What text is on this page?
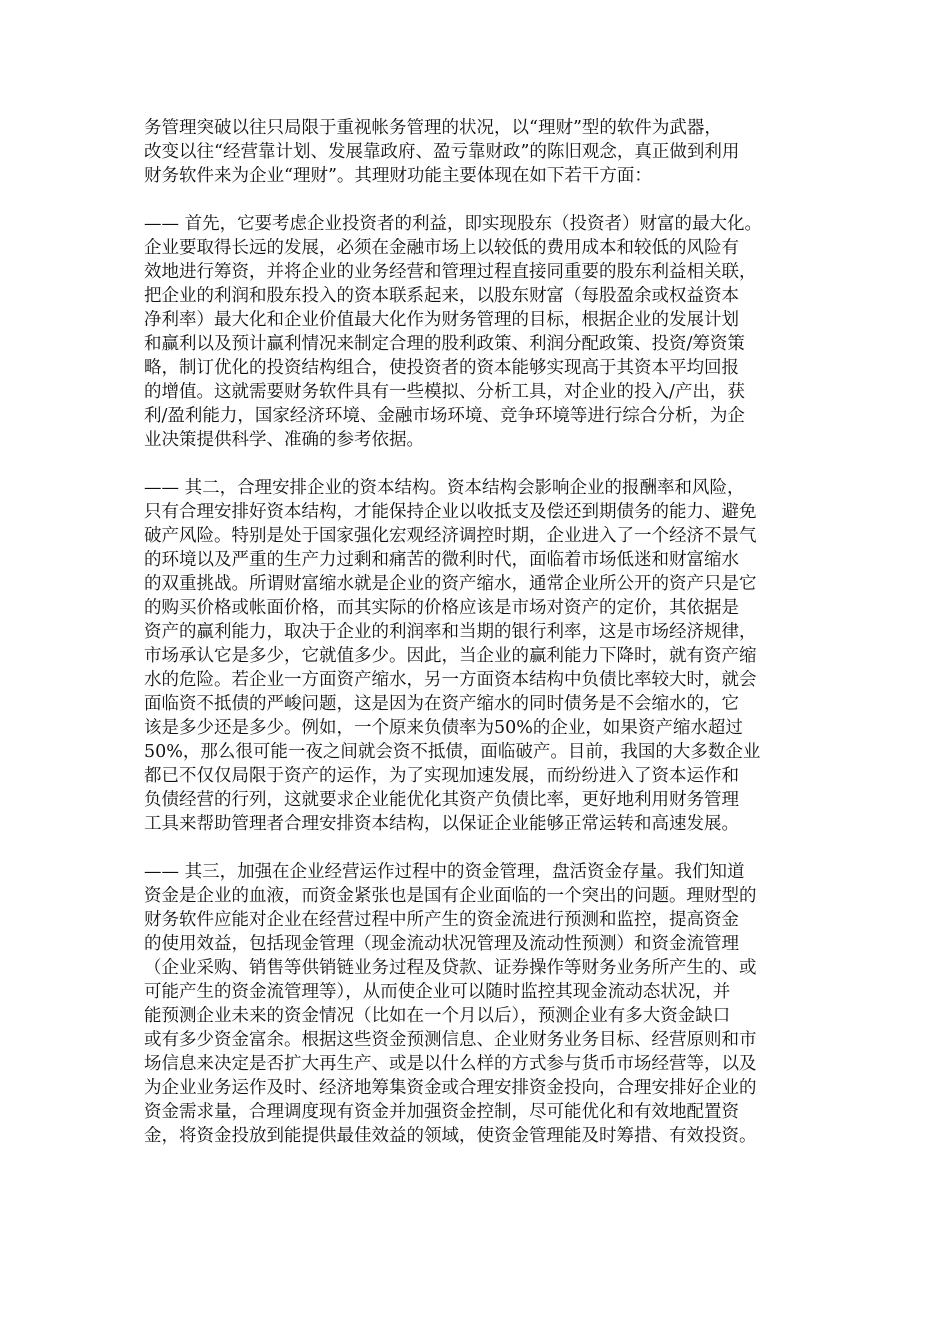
务管理突破以往只局限于重视帐务管理的状况，以“理财”型的软件为武器，
改变以往“经营靠计划、发展靠政府、盈亏靠财政”的陈旧观念，真正做到利用
财务软件来为企业“理财”。其理财功能主要体现在如下若干方面：
—— 首先，它要考虑企业投资者的利益，即实现股东（投资者）财富的最大化。
企业要取得长远的发展，必须在金融市场上以较低的费用成本和较低的风险有
效地进行筹资，并将企业的业务经营和管理过程直接同重要的股东利益相关联，
把企业的利润和股东投入的资本联系起来，以股东财富（每股盈余或权益资本
净利率）最大化和企业价值最大化作为财务管理的目标，根据企业的发展计划
和赢利以及预计赢利情况来制定合理的股利政策、利润分配政策、投资/筹资策
略，制订优化的投资结构组合，使投资者的资本能够实现高于其资本平均回报
的增值。这就需要财务软件具有一些模拟、分析工具，对企业的投入/产出，获
利/盈利能力，国家经济环境、金融市场环境、竞争环境等进行综合分析，为企
业决策提供科学、准确的参考依据。
—— 其二，合理安排企业的资本结构。资本结构会影响企业的报酬率和风险，
只有合理安排好资本结构，才能保持企业以收抵支及偿还到期债务的能力、避免
破产风险。特别是处于国家强化宏观经济调控时期，企业进入了一个经济不景气
的环境以及严重的生产力过剩和痛苦的微利时代，面临着市场低迷和财富缩水
的双重挑战。所谓财富缩水就是企业的资产缩水，通常企业所公开的资产只是它
的购买价格或帐面价格，而其实际的价格应该是市场对资产的定价，其依据是
资产的赢利能力，取决于企业的利润率和当期的银行利率，这是市场经济规律，
市场承认它是多少，它就值多少。因此，当企业的赢利能力下降时，就有资产缩
水的危险。若企业一方面资产缩水，另一方面资本结构中负债比率较大时，就会
面临资不抵债的严峻问题，这是因为在资产缩水的同时债务是不会缩水的，它
该是多少还是多少。例如，一个原来负债率为50%的企业，如果资产缩水超过
50%，那么很可能一夜之间就会资不抵债，面临破产。目前，我国的大多数企业
都已不仅仅局限于资产的运作，为了实现加速发展，而纷纷进入了资本运作和
负债经营的行列，这就要求企业能优化其资产负债比率，更好地利用财务管理
工具来帮助管理者合理安排资本结构，以保证企业能够正常运转和高速发展。
—— 其三，加强在企业经营运作过程中的资金管理，盘活资金存量。我们知道
资金是企业的血液，而资金紧张也是国有企业面临的一个突出的问题。理财型的
财务软件应能对企业在经营过程中所产生的资金流进行预测和监控，提高资金
的使用效益，包括现金管理（现金流动状况管理及流动性预测）和资金流管理
（企业采购、销售等供销链业务过程及贷款、证券操作等财务业务所产生的、或
可能产生的资金流管理等），从而使企业可以随时监控其现金流动态状况，并
能预测企业未来的资金情况（比如在一个月以后），预测企业有多大资金缺口
或有多少资金富余。根据这些资金预测信息、企业财务业务目标、经营原则和市
场信息来决定是否扩大再生产、或是以什么样的方式参与货币市场经营等，以及
为企业业务运作及时、经济地筹集资金或合理安排资金投向，合理安排好企业的
资金需求量，合理调度现有资金并加强资金控制，尽可能优化和有效地配置资
金，将资金投放到能提供最佳效益的领域，使资金管理能及时筹措、有效投资。
